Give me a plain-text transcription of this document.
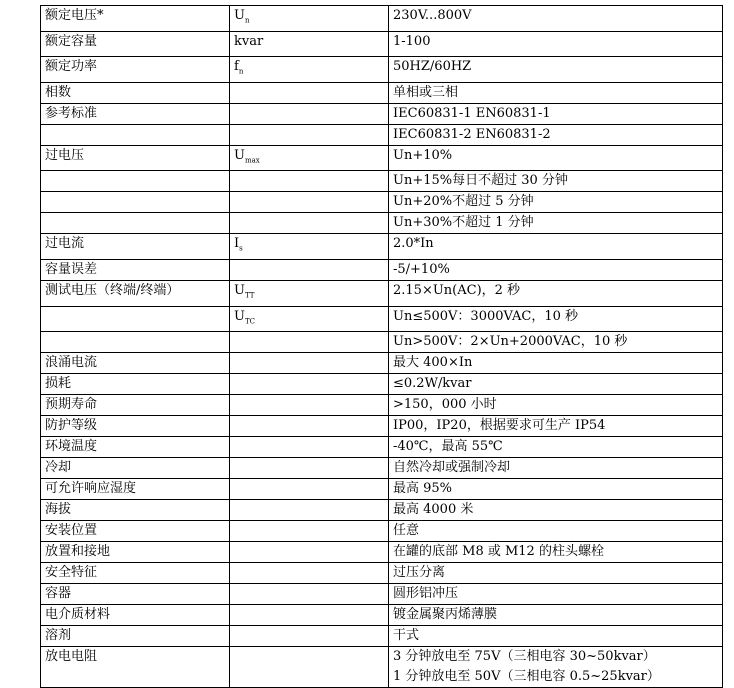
额定电压*	$U_n$	230V...800V	
额定容量	kvar	1-100	
额定功率	$f_n$	50HZ/60HZ	
相数		单相或三相	
参考标准		IEC60831-1 EN60831-1	
		IEC60831-2 EN60831-2	
过电压	$U_{max}$	Un+10%	
		Un+15%每日不超过 30 分钟	
		Un+20%不超过 5 分钟	
		Un+30%不超过 1 分钟	
过电流	$I_s$	2.0*In	
容量误差		-5/+10%	
测试电压（终端/终端）	$U_{TT}$	2.15×Un(AC)，2 秒	
	$U_{TC}$	Un≤500V：3000VAC，10 秒	
		Un>500V：2×Un+2000VAC，10 秒	
浪涌电流		最大 400×In	
损耗		≤0.2W/kvar	
预期寿命		>150，000 小时	
防护等级		IP00，IP20，根据要求可生产 IP54	
环境温度		-40℃，最高 55℃	
冷却		自然冷却或强制冷却	
可允许响应湿度		最高 95%	
海拔		最高 4000 米	
安装位置		任意	
放置和接地		在罐的底部 M8 或 M12 的柱头螺栓	
安全特征		过压分离	
容器		圆形铝冲压	
电介质材料		镀金属聚丙烯薄膜	
溶剂		干式	
放电电阻		3 分钟放电至 75V（三相电容 30~50kvar）
1 分钟放电至 50V（三相电容 0.5~25kvar）	
